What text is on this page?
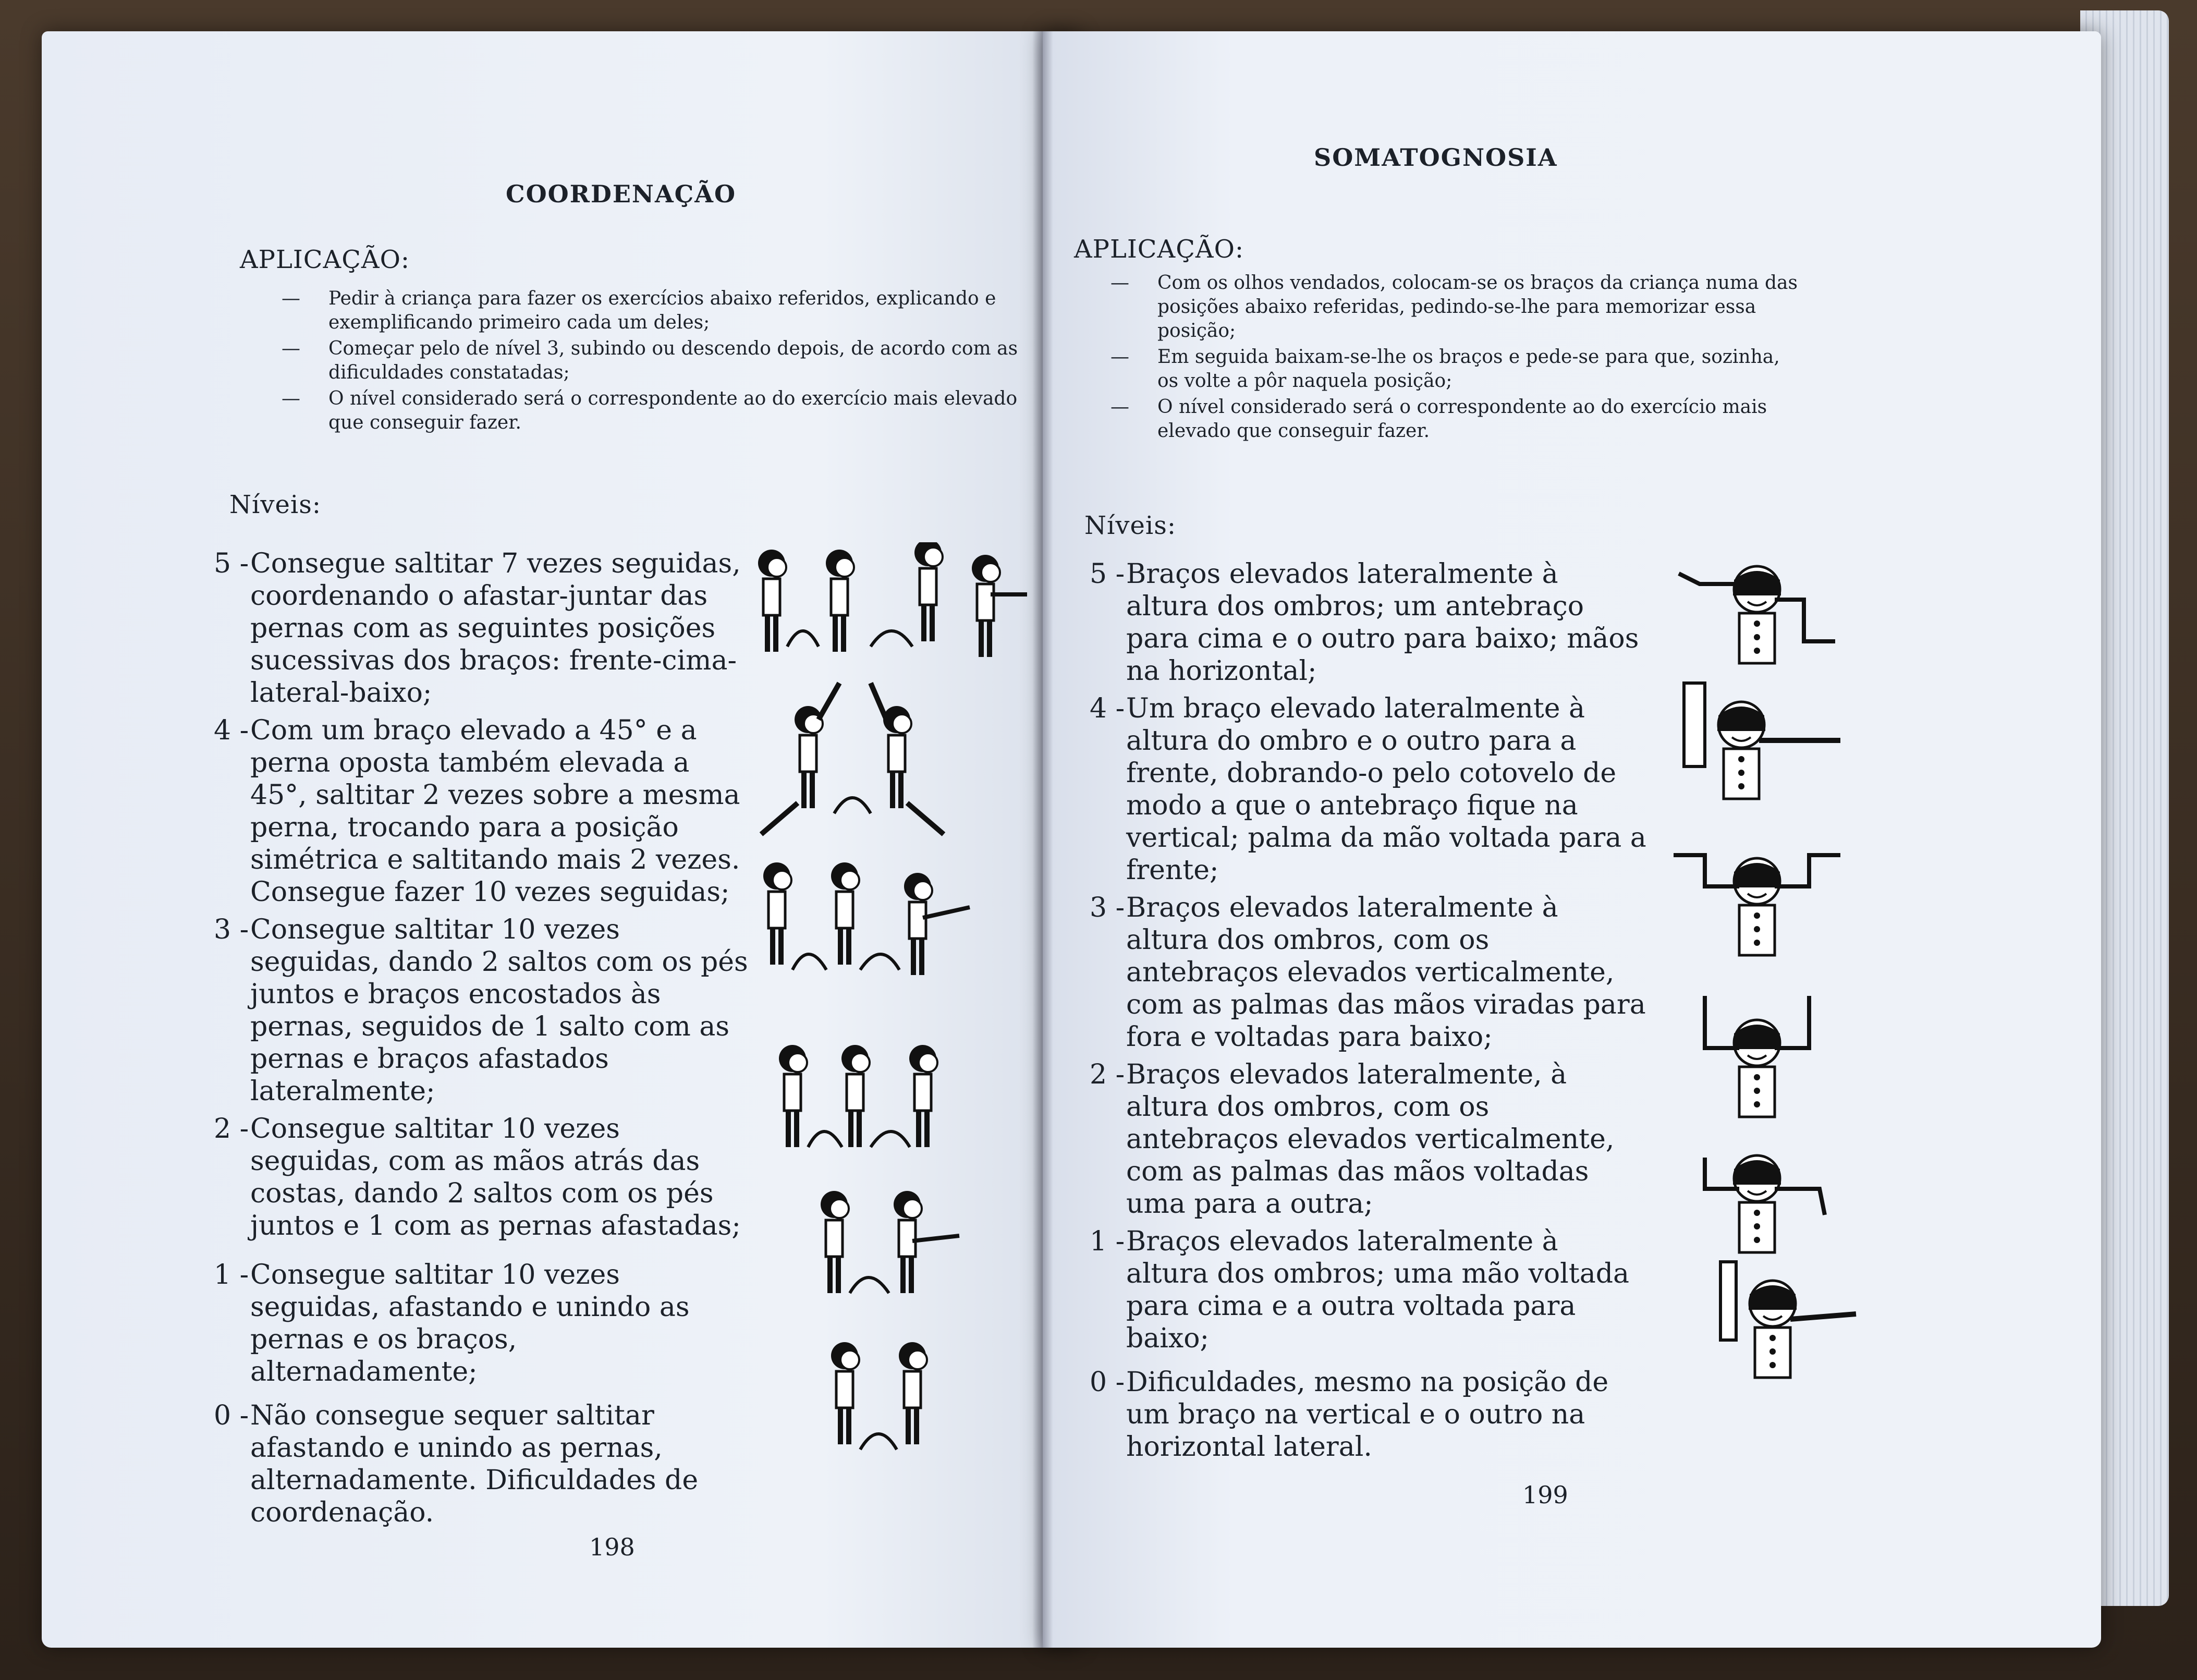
COORDENAÇÃO
APLICAÇÃO:
— Pedir à criança para fazer os exercícios abaixo referidos, explicando e exemplificando primeiro cada um deles;
— Começar pelo de nível 3, subindo ou descendo depois, de acordo com as dificuldades constatadas;
— O nível considerado será o correspondente ao do exercício mais elevado que conseguir fazer.
Níveis:
5 - Consegue saltitar 7 vezes seguidas, coordenando o afastar-juntar das pernas com as seguintes posições sucessivas dos braços: frente-cima-lateral-baixo;
4 - Com um braço elevado a 45° e a perna oposta também elevada a 45°, saltitar 2 vezes sobre a mesma perna, trocando para a posição simétrica e saltitando mais 2 vezes. Consegue fazer 10 vezes seguidas;
3 - Consegue saltitar 10 vezes seguidas, dando 2 saltos com os pés juntos e braços encostados às pernas, seguidos de 1 salto com as pernas e braços afastados lateralmente;
2 - Consegue saltitar 10 vezes seguidas, com as mãos atrás das costas, dando 2 saltos com os pés juntos e 1 com as pernas afastadas;
1 - Consegue saltitar 10 vezes seguidas, afastando e unindo as pernas e os braços, alternadamente;
0 - Não consegue sequer saltitar afastando e unindo as pernas, alternadamente. Dificuldades de coordenação.
198
SOMATOGNOSIA
APLICAÇÃO:
— Com os olhos vendados, colocam-se os braços da criança numa das posições abaixo referidas, pedindo-se-lhe para memorizar essa posição;
— Em seguida baixam-se-lhe os braços e pede-se para que, sozinha, os volte a pôr naquela posição;
— O nível considerado será o correspondente ao do exercício mais elevado que conseguir fazer.
Níveis:
5 - Braços elevados lateralmente à altura dos ombros; um antebraço para cima e o outro para baixo; mãos na horizontal;
4 - Um braço elevado lateralmente à altura do ombro e o outro para a frente, dobrando-o pelo cotovelo de modo a que o antebraço fique na vertical; palma da mão voltada para a frente;
3 - Braços elevados lateralmente à altura dos ombros, com os antebraços elevados verticalmente, com as palmas das mãos viradas para fora e voltadas para baixo;
2 - Braços elevados lateralmente, à altura dos ombros, com os antebraços elevados verticalmente, com as palmas das mãos voltadas uma para a outra;
1 - Braços elevados lateralmente à altura dos ombros; uma mão voltada para cima e a outra voltada para baixo;
0 - Dificuldades, mesmo na posição de um braço na vertical e o outro na horizontal lateral.
199
